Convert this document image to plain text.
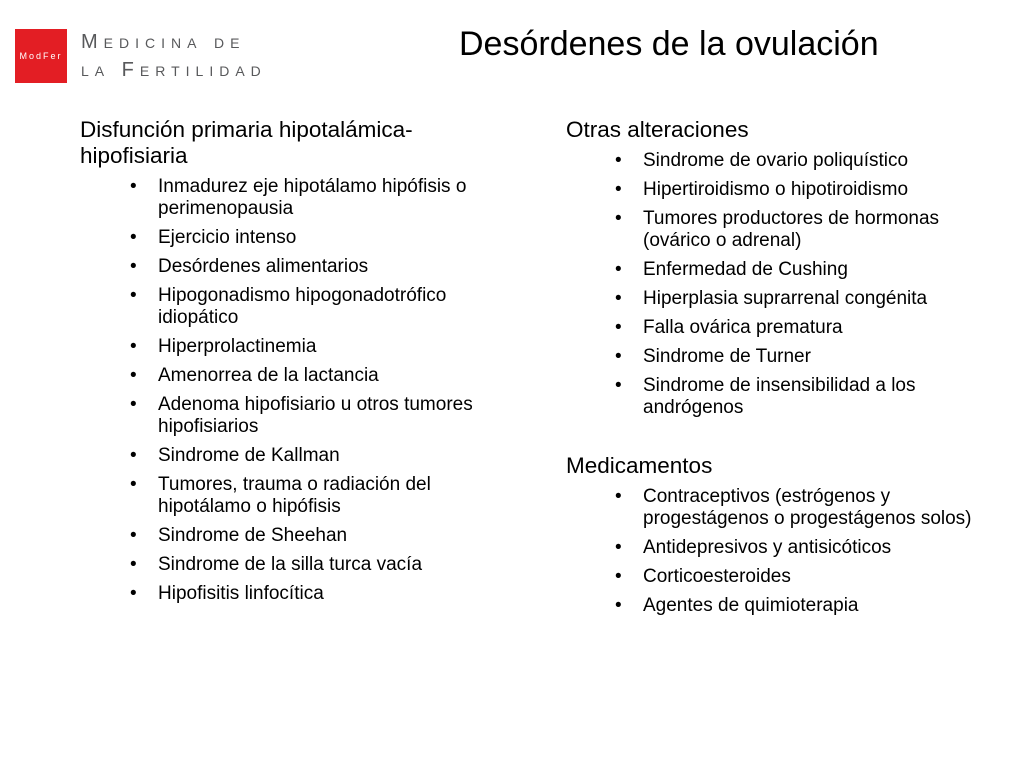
ModFer
Medicina de
la Fertilidad
Desórdenes de la ovulación
Disfunción primaria hipotalámica-hipofisiaria
• Inmadurez eje hipotálamo hipófisis o perimenopausia
• Ejercicio intenso
• Desórdenes alimentarios
• Hipogonadismo hipogonadotrófico idiopático
• Hiperprolactinemia
• Amenorrea de la lactancia
• Adenoma hipofisiario u otros tumores hipofisiarios
• Sindrome de Kallman
• Tumores, trauma o radiación del hipotálamo o hipófisis
• Sindrome de Sheehan
• Sindrome de la silla turca vacía
• Hipofisitis linfocítica
Otras alteraciones
• Sindrome de ovario poliquístico
• Hipertiroidismo o hipotiroidismo
• Tumores productores de hormonas (ovárico o adrenal)
• Enfermedad de Cushing
• Hiperplasia suprarrenal congénita
• Falla ovárica prematura
• Sindrome de Turner
• Sindrome de insensibilidad a los andrógenos
Medicamentos
• Contraceptivos (estrógenos y progestágenos o progestágenos solos)
• Antidepresivos y antisicóticos
• Corticoesteroides
• Agentes de quimioterapia
